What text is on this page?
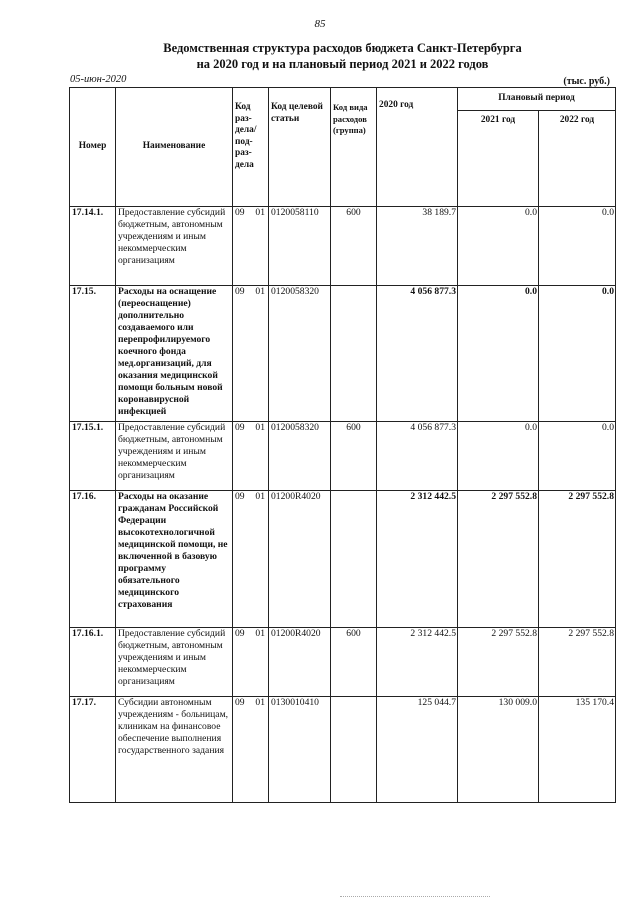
85
Ведомственная структура расходов бюджета Санкт-Петербурга
на 2020 год и на плановый период 2021 и 2022 годов
05-июн-2020	(тыс. руб.)
Номер	Наименование	Код раз-дела/ под-раз-дела		Код целевой статьи	Код вида расходов (группа)	2020 год	Плановый период	
							2021 год	2022 год
17.14.1.	Предоставление субсидий бюджетным, автономным учреждениям и иным некоммерческим организациям	09	01	0120058110	600	38 189.7	0.0	0.0
17.15.	Расходы на оснащение (переоснащение) дополнительно создаваемого или перепрофилируемого коечного фонда мед.организаций, для оказания медицинской помощи больным новой коронавирусной инфекцией	09	01	0120058320		4 056 877.3	0.0	0.0
17.15.1.	Предоставление субсидий бюджетным, автономным учреждениям и иным некоммерческим организациям	09	01	0120058320	600	4 056 877.3	0.0	0.0
17.16.	Расходы на оказание гражданам Российской Федерации высокотехнологичной медицинской помощи, не включенной в базовую программу обязательного медицинского страхования	09	01	01200R4020		2 312 442.5	2 297 552.8	2 297 552.8
17.16.1.	Предоставление субсидий бюджетным, автономным учреждениям и иным некоммерческим организациям	09	01	01200R4020	600	2 312 442.5	2 297 552.8	2 297 552.8
17.17.	Субсидии автономным учреждениям - больницам, клиникам на финансовое обеспечение выполнения государственного задания	09	01	0130010410		125 044.7	130 009.0	135 170.4
